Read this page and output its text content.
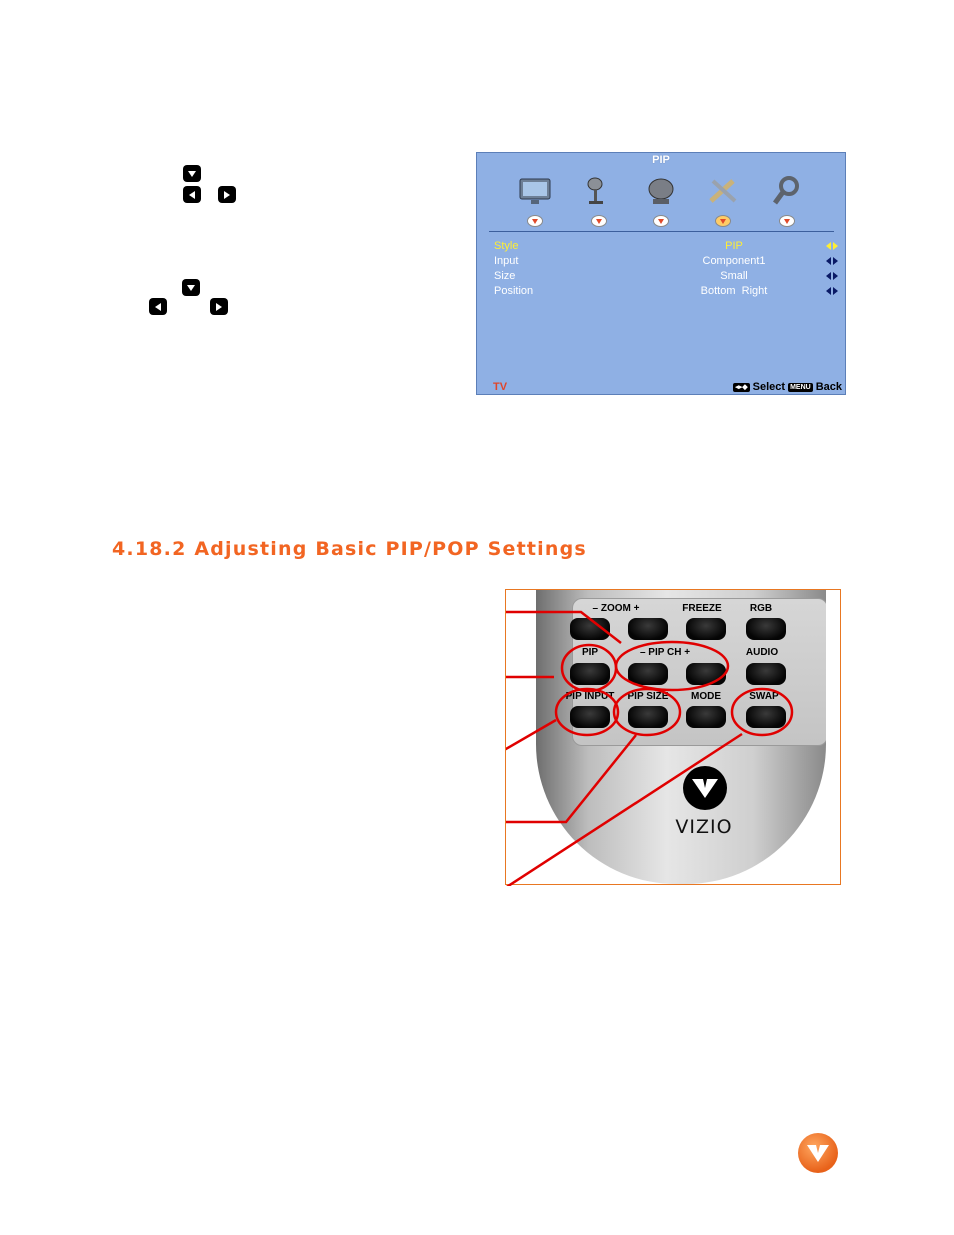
PIP
Style	PIP
Input	Component1
Size	Small
Position	Bottom  Right
TV	◂▸◆ Select MENU Back
4.18.2 Adjusting Basic PIP/POP Settings
– ZOOM +	FREEZE	RGB
PIP	– PIP CH +	AUDIO
PIP INPUT	PIP SIZE	MODE	SWAP
VIZIO
